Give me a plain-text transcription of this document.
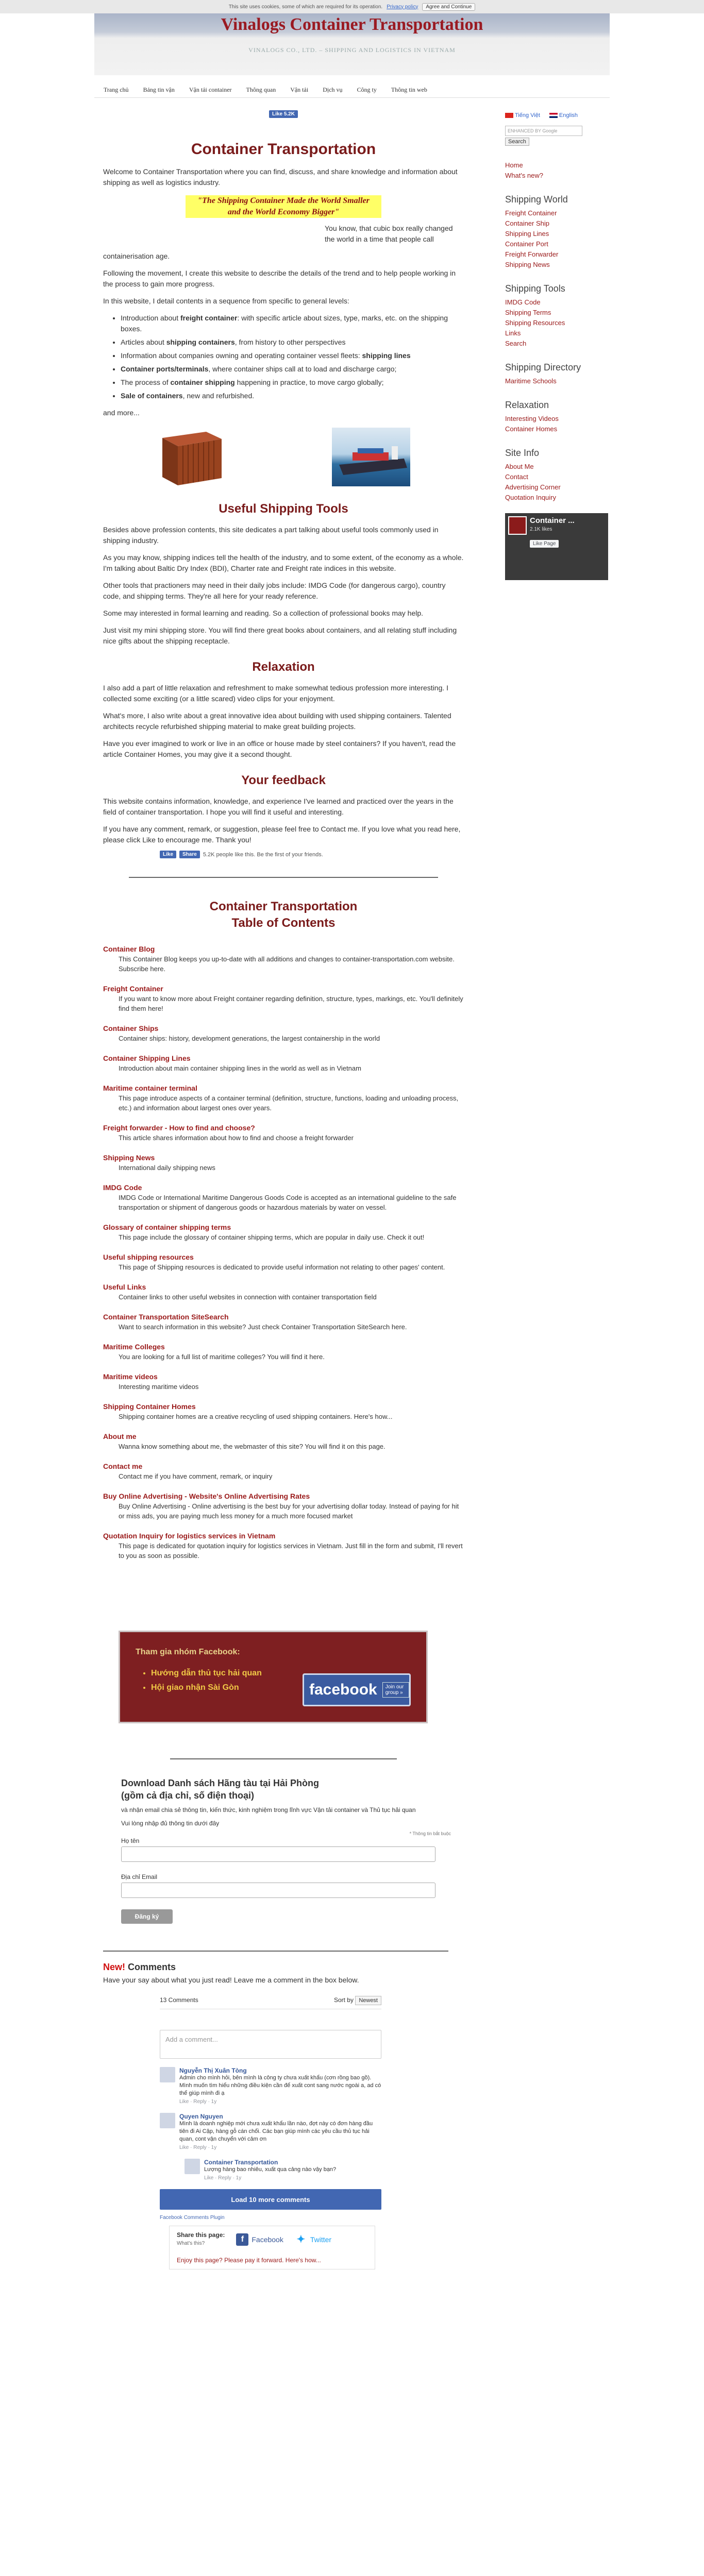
This site uses cookies, some of which are required for its operation. Privacy policy	Agree and Continue
Vinalogs Container Transportation
VINALOGS CO., LTD. – SHIPPING AND LOGISTICS IN VIETNAM
Trang chủ Bảng tin vận Vận tải container Thông quan Vận tải Dịch vụ Công ty Thông tin web
Like 5.2K
Container Transportation

Welcome to Container Transportation where you can find, discuss, and share knowledge and information about shipping as well as logistics industry.

"The Shipping Container Made the World Smaller
and the World Economy Bigger"

You know, that cubic box really changed the world in a time that people call

containerisation age.

Following the movement, I create this website to describe the details of the trend and to help people working in the process to gain more progress.

In this website, I detail contents in a sequence from specific to general levels:

• Introduction about freight container: with specific article about sizes, type, marks, etc. on the shipping boxes.
• Articles about shipping containers, from history to other perspectives
• Information about companies owning and operating container vessel fleets: shipping lines
• Container ports/terminals, where container ships call at to load and discharge cargo;
• The process of container shipping happening in practice, to move cargo globally;
• Sale of containers, new and refurbished.

and more...

Useful Shipping Tools

Besides above profession contents, this site dedicates a part talking about useful tools commonly used in shipping industry.

As you may know, shipping indices tell the health of the industry, and to some extent, of the economy as a whole. I'm talking about Baltic Dry Index (BDI), Charter rate and Freight rate indices in this website.

Other tools that practioners may need in their daily jobs include: IMDG Code (for dangerous cargo), country code, and shipping terms. They're all here for your ready reference.

Some may interested in formal learning and reading. So a collection of professional books may help.

Just visit my mini shipping store. You will find there great books about containers, and all relating stuff including nice gifts about the shipping receptacle.

Relaxation

I also add a part of little relaxation and refreshment to make somewhat tedious profession more interesting. I collected some exciting (or a little scared) video clips for your enjoyment.

What's more, I also write about a great innovative idea about building with used shipping containers. Talented architects recycle refurbished shipping material to make great building projects.

Have you ever imagined to work or live in an office or house made by steel containers? If you haven't, read the article Container Homes, you may give it a second thought.

Your feedback

This website contains information, knowledge, and experience I've learned and practiced over the years in the field of container transportation. I hope you will find it useful and interesting.

If you have any comment, remark, or suggestion, please feel free to Contact me. If you love what you read here, please click Like to encourage me. Thank you!

Like	Share	5.2K people like this. Be the first of your friends.
Container Transportation
Table of Contents
Container Blog
This Container Blog keeps you up-to-date with all additions and changes to container-transportation.com website. Subscribe here.
Freight Container
If you want to know more about Freight container regarding definition, structure, types, markings, etc. You'll definitely find them here!
Container Ships
Container ships: history, development generations, the largest containership in the world
Container Shipping Lines
Introduction about main container shipping lines in the world as well as in Vietnam
Maritime container terminal
This page introduce aspects of a container terminal (definition, structure, functions, loading and unloading process, etc.) and information about largest ones over years.
Freight forwarder - How to find and choose?
This article shares information about how to find and choose a freight forwarder
Shipping News
International daily shipping news
IMDG Code
IMDG Code or International Maritime Dangerous Goods Code is accepted as an international guideline to the safe transportation or shipment of dangerous goods or hazardous materials by water on vessel.
Glossary of container shipping terms
This page include the glossary of container shipping terms, which are popular in daily use. Check it out!
Useful shipping resources
This page of Shipping resources is dedicated to provide useful information not relating to other pages' content.
Useful Links
Container links to other useful websites in connection with container transportation field
Container Transportation SiteSearch
Want to search information in this website? Just check Container Transportation SiteSearch here.
Maritime Colleges
You are looking for a full list of maritime colleges? You will find it here.
Maritime videos
Interesting maritime videos
Shipping Container Homes
Shipping container homes are a creative recycling of used shipping containers. Here's how...
About me
Wanna know something about me, the webmaster of this site? You will find it on this page.
Contact me
Contact me if you have comment, remark, or inquiry
Buy Online Advertising - Website's Online Advertising Rates
Buy Online Advertising - Online advertising is the best buy for your advertising dollar today. Instead of paying for hit or miss ads, you are paying much less money for a much more focused market
Quotation Inquiry for logistics services in Vietnam
This page is dedicated for quotation inquiry for logistics services in Vietnam. Just fill in the form and submit, I'll revert to you as soon as possible.
Tham gia nhóm Facebook:
• Hướng dẫn thủ tục hải quan
• Hội giao nhận Sài Gòn	facebook	Join our group »
Download Danh sách Hãng tàu tại Hải Phòng
(gồm cả địa chỉ, số điện thoại)
và nhận email chia sẻ thông tin, kiến thức, kinh nghiệm trong lĩnh vực Vận tải container và Thủ tục hải quan
Vui lòng nhập đủ thông tin dưới đây
* Thông tin bắt buộc
Họ tên
Địa chỉ Email
Đăng ký
New! Comments
Have your say about what you just read! Leave me a comment in the box below.
13 Comments	Sort by Newest
Add a comment...
Nguyễn Thị Xuân Tòng
Admin cho mình hỏi, bên mình là công ty chưa xuất khẩu (cơn rồng bao gồ). Mình muốn tìm hiểu những điều kiện cần để xuất cont sang nước ngoài a, ad có thể giúp mình đi ạ
Like · Reply · 1y
Quyen Nguyen
Mình là doanh nghiệp mới chưa xuất khẩu lần nào, đợt này có đơn hàng đầu tiên đi Ai Cập, hàng gỗ cán chổi. Các bạn giúp mình các yêu cầu thủ tục hải quan, cont vận chuyển với cảm ơn
Like · Reply · 1y
Container Transportation
Lượng hàng bao nhiêu, xuất qua cảng nào vậy bạn?
Like · Reply · 1y
Load 10 more comments
Facebook Comments Plugin
Share this page:
What's this?	f	Facebook ✦ Twitter
Enjoy this page? Please pay it forward. Here's how...
Tiếng Việt	English
ENHANCED BY Google
Search
Home
What's new?
Shipping World
Freight Container
Container Ship
Shipping Lines
Container Port
Freight Forwarder
Shipping News
Shipping Tools
IMDG Code
Shipping Terms
Shipping Resources
Links
Search
Shipping Directory
Maritime Schools
Relaxation
Interesting Videos
Container Homes
Site Info
About Me
Contact
Advertising Corner
Quotation Inquiry
Container ...
2.1K likes
Like Page
